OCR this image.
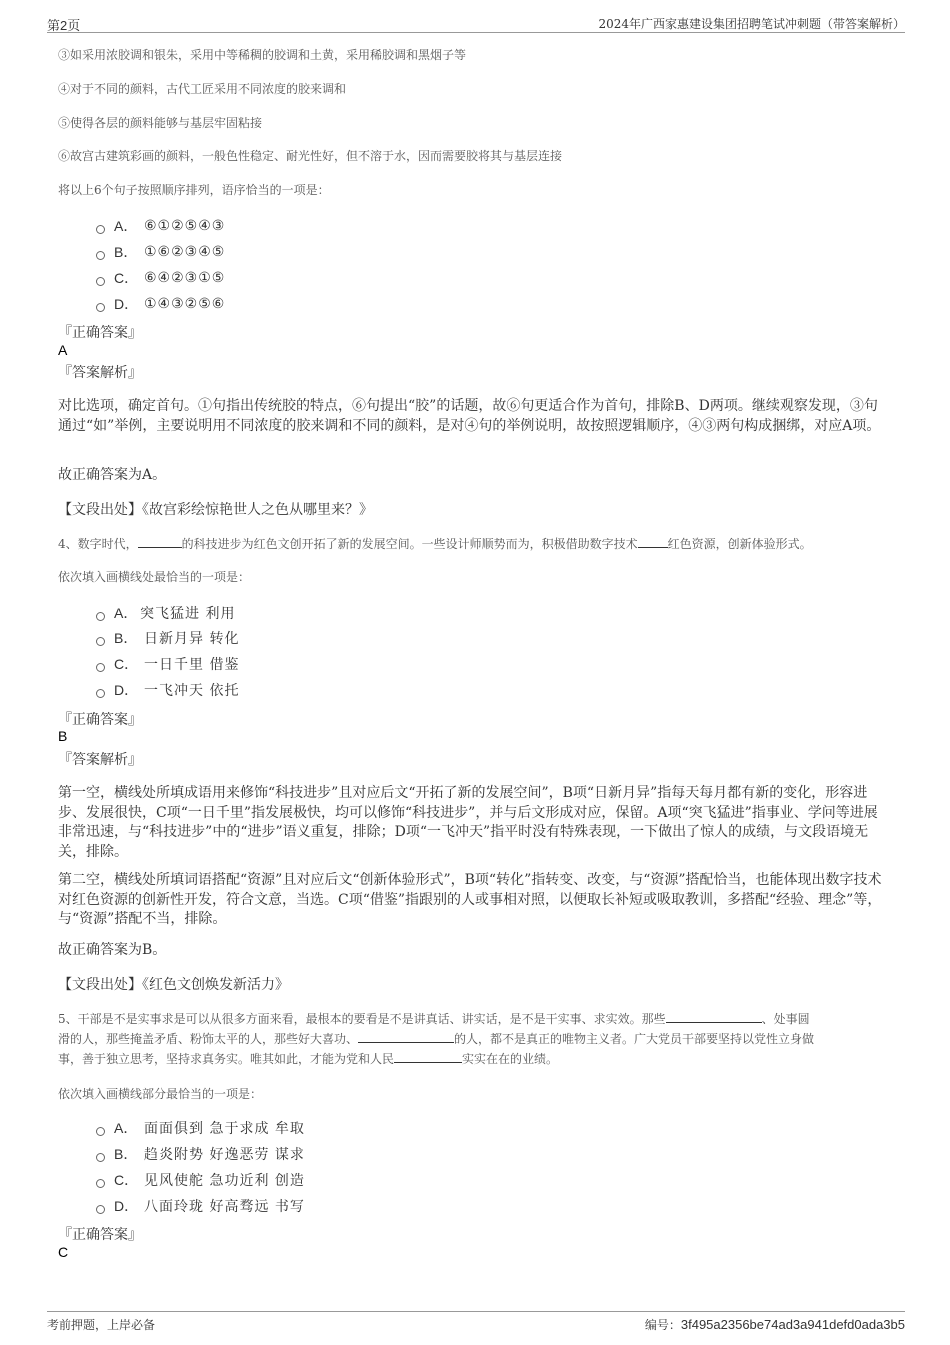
第2页	2024年广西家惠建设集团招聘笔试冲刺题（带答案解析）
③如采用浓胶调和银朱，采用中等稀稠的胶调和土黄，采用稀胶调和黑烟子等
④对于不同的颜料，古代工匠采用不同浓度的胶来调和
⑤使得各层的颜料能够与基层牢固粘接
⑥故宫古建筑彩画的颜料，一般色性稳定、耐光性好，但不溶于水，因而需要胶将其与基层连接
将以上6个句子按照顺序排列，语序恰当的一项是：
A． ⑥①②⑤④③
B． ①⑥②③④⑤
C． ⑥④②③①⑤
D． ①④③②⑤⑥
『正确答案』
A
『答案解析』

对比选项，确定首句。①句指出传统胶的特点，⑥句提出“胶”的话题，故⑥句更适合作为首句，排除B、D两项。继续观察发现，③句通过“如”举例，主要说明用不同浓度的胶来调和不同的颜料，是对④句的举例说明，故按照逻辑顺序，④③两句构成捆绑，对应A项。

故正确答案为A。

【文段出处】《故宫彩绘惊艳世人之色从哪里来？》

4、数字时代，	的科技进步为红色文创开拓了新的发展空间。一些设计师顺势而为，积极借助数字技术	红色资源，创新体验形式。

依次填入画横线处最恰当的一项是：
A． 突飞猛进 利用
B． 日新月异 转化
C． 一日千里 借鉴
D． 一飞冲天 依托
『正确答案』
B
『答案解析』

第一空，横线处所填成语用来修饰“科技进步”且对应后文“开拓了新的发展空间”，B项“日新月异”指每天每月都有新的变化，形容进步、发展很快，C项“一日千里”指发展极快，均可以修饰“科技进步”，并与后文形成对应，保留。A项“突飞猛进”指事业、学问等进展非常迅速，与“科技进步”中的“进步”语义重复，排除；D项“一飞冲天”指平时没有特殊表现，一下做出了惊人的成绩，与文段语境无关，排除。

第二空，横线处所填词语搭配“资源”且对应后文“创新体验形式”，B项“转化”指转变、改变，与“资源”搭配恰当，也能体现出数字技术对红色资源的创新性开发，符合文意，当选。C项“借鉴”指跟别的人或事相对照，以便取长补短或吸取教训，多搭配“经验、理念”等，与“资源”搭配不当，排除。

故正确答案为B。

【文段出处】《红色文创焕发新活力》
5、干部是不是实事求是可以从很多方面来看，最根本的要看是不是讲真话、讲实话，是不是干实事、求实效。那些	、处事圆
滑的人，那些掩盖矛盾、粉饰太平的人，那些好大喜功、	的人，都不是真正的唯物主义者。广大党员干部要坚持以党性立身做
事，善于独立思考，坚持求真务实。唯其如此，才能为党和人民	实实在在的业绩。
依次填入画横线部分最恰当的一项是：
A． 面面俱到 急于求成 牟取
B． 趋炎附势 好逸恶劳 谋求
C． 见风使舵 急功近利 创造
D． 八面玲珑 好高骛远 书写
『正确答案』
C
考前押题，上岸必备	编号：3f495a2356be74ad3a941defd0ada3b5
